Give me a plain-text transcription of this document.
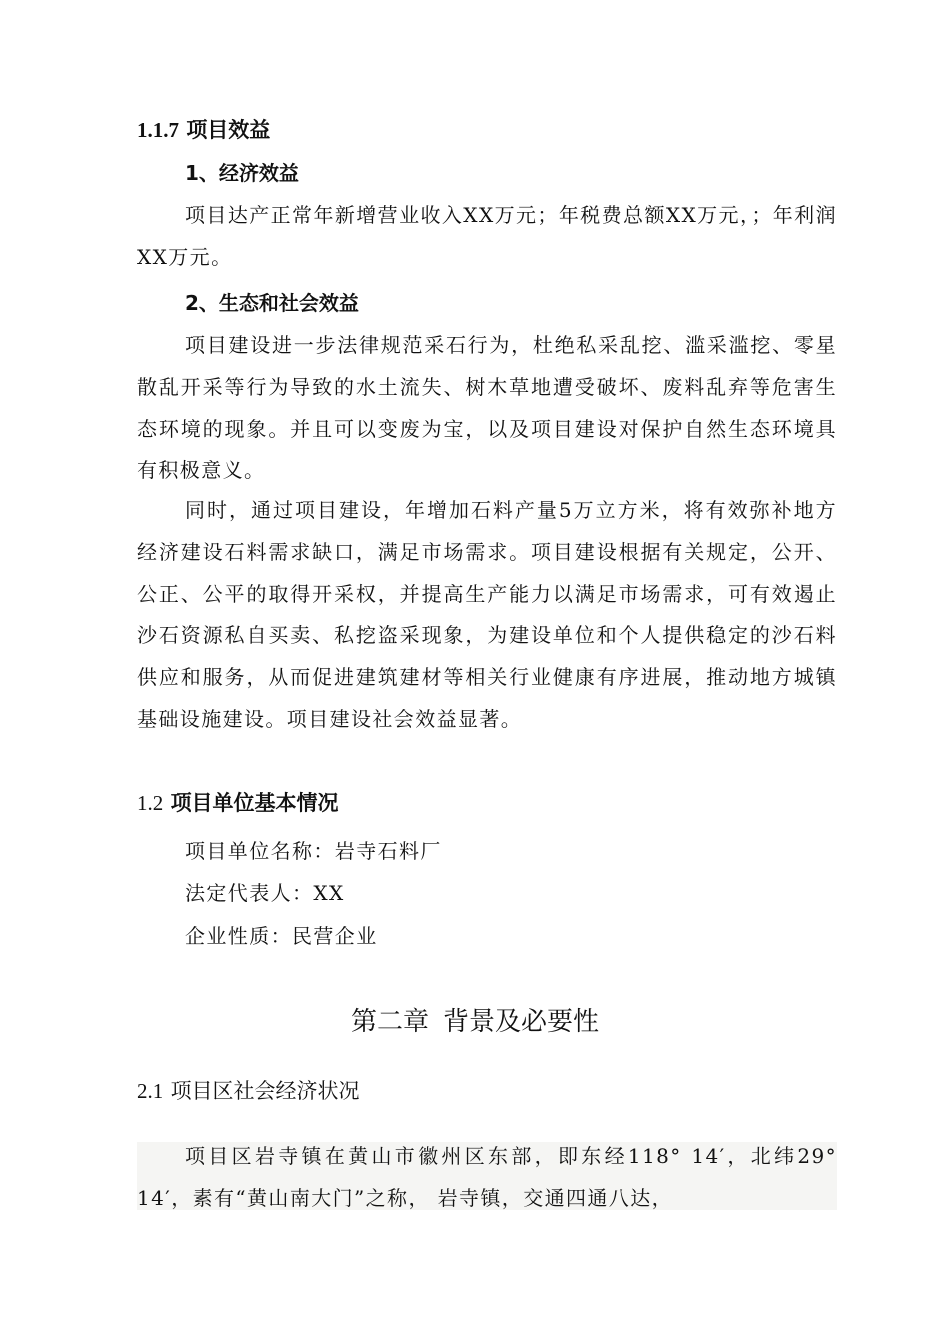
1.1.7 项目效益
1、经济效益
项目达产正常年新增营业收入XX万元；年税费总额XX万元，；年利润XX万元。
2、生态和社会效益
项目建设进一步法律规范采石行为，杜绝私采乱挖、滥采滥挖、零星散乱开采等行为导致的水土流失、树木草地遭受破坏、废料乱弃等危害生态环境的现象。并且可以变废为宝，以及项目建设对保护自然生态环境具有积极意义。
同时，通过项目建设，年增加石料产量5万立方米，将有效弥补地方经济建设石料需求缺口，满足市场需求。项目建设根据有关规定，公开、公正、公平的取得开采权，并提高生产能力以满足市场需求，可有效遏止沙石资源私自买卖、私挖盗采现象，为建设单位和个人提供稳定的沙石料供应和服务，从而促进建筑建材等相关行业健康有序进展，推动地方城镇基础设施建设。项目建设社会效益显著。
1.2 项目单位基本情况
项目单位名称：岩寺石料厂
法定代表人：XX
企业性质：民营企业
第二章 背景及必要性
2.1 项目区社会经济状况
项目区岩寺镇在黄山市徽州区东部，即东经118° 14′，北纬29° 14′，素有“黄山南大门”之称， 岩寺镇，交通四通八达，
